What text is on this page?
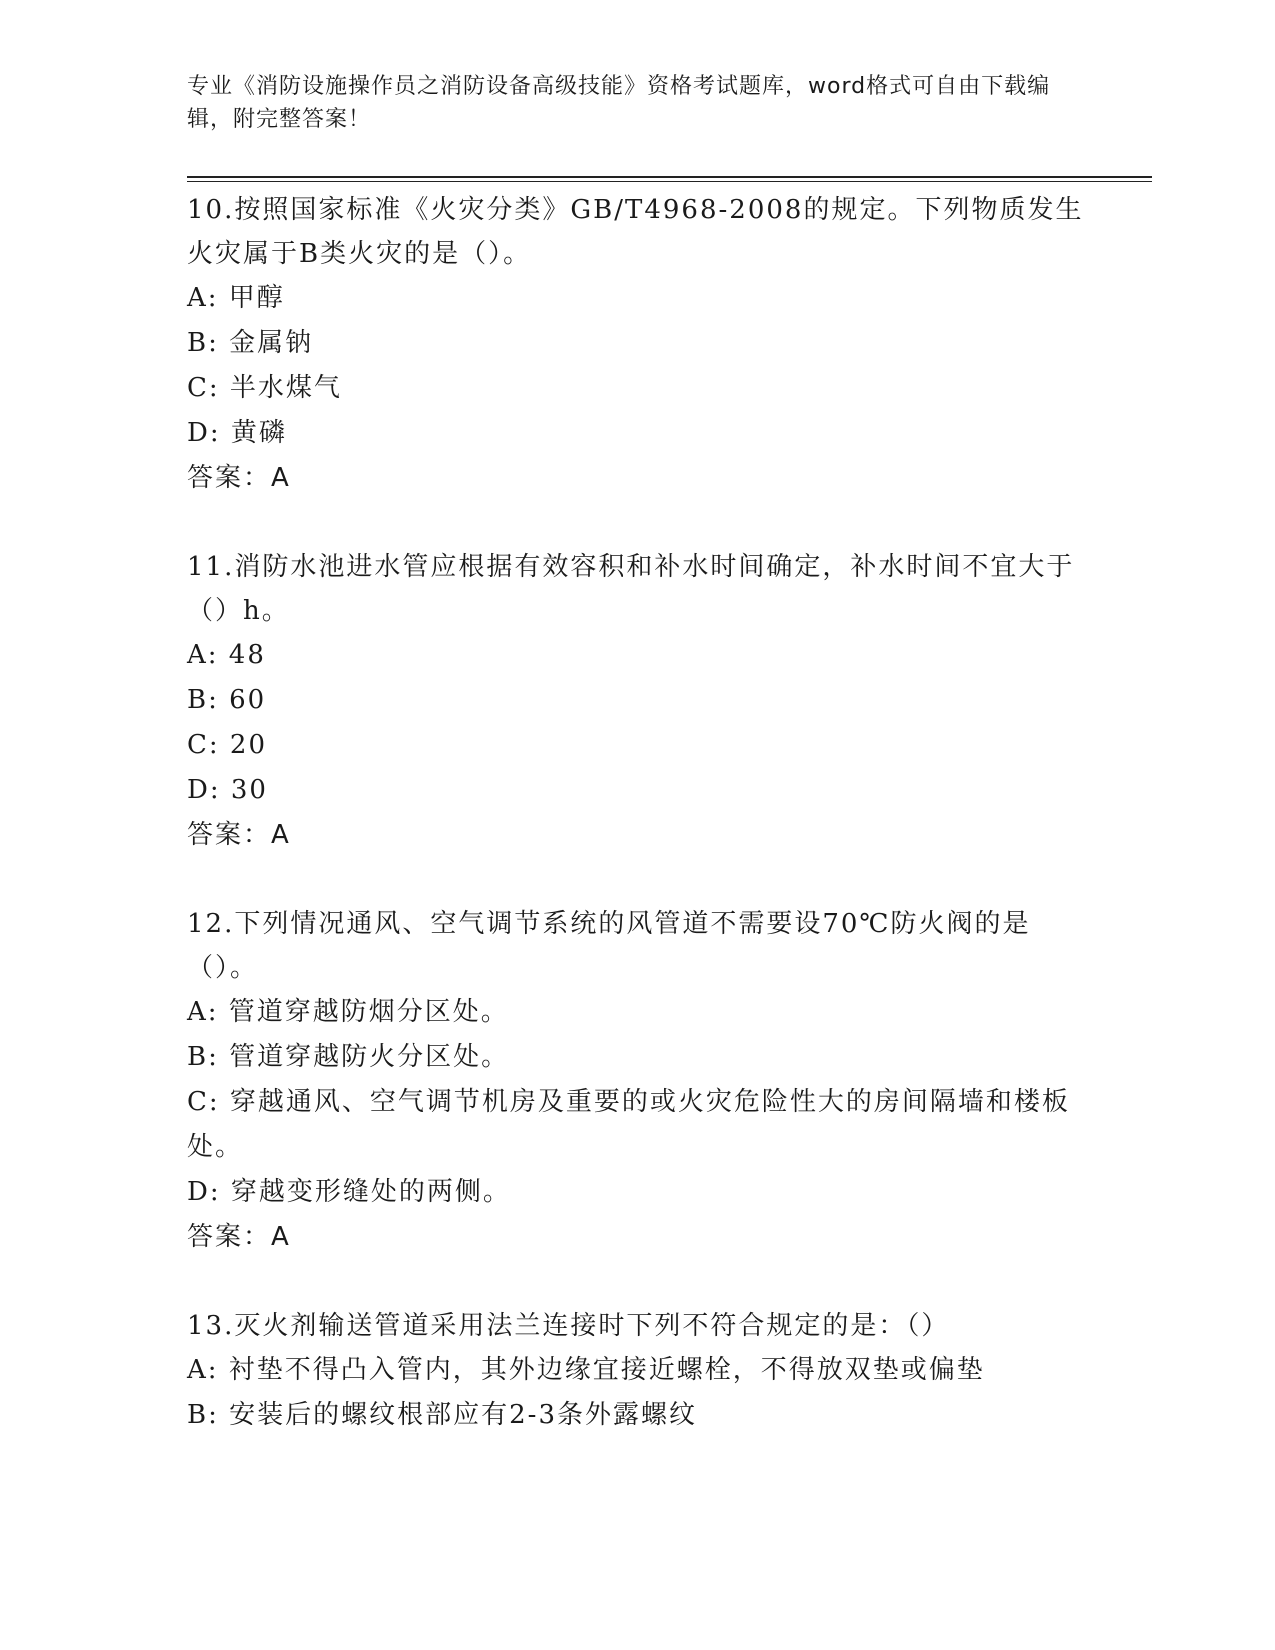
专业《消防设施操作员之消防设备高级技能》资格考试题库，word格式可自由下载编辑，附完整答案！

10.按照国家标准《火灾分类》GB/T4968-2008的规定。下列物质发生火灾属于B类火灾的是（）。

A: 甲醇

B: 金属钠

C: 半水煤气

D: 黄磷

答案：A

11.消防水池进水管应根据有效容积和补水时间确定，补水时间不宜大于（）h。

A: 48

B: 60

C: 20

D: 30

答案：A

12.下列情况通风、空气调节系统的风管道不需要设70℃防火阀的是（）。

A: 管道穿越防烟分区处。

B: 管道穿越防火分区处。

C: 穿越通风、空气调节机房及重要的或火灾危险性大的房间隔墙和楼板处。

D: 穿越变形缝处的两侧。

答案：A

13.灭火剂输送管道采用法兰连接时下列不符合规定的是：（）

A: 衬垫不得凸入管内，其外边缘宜接近螺栓，不得放双垫或偏垫

B: 安装后的螺纹根部应有2-3条外露螺纹
